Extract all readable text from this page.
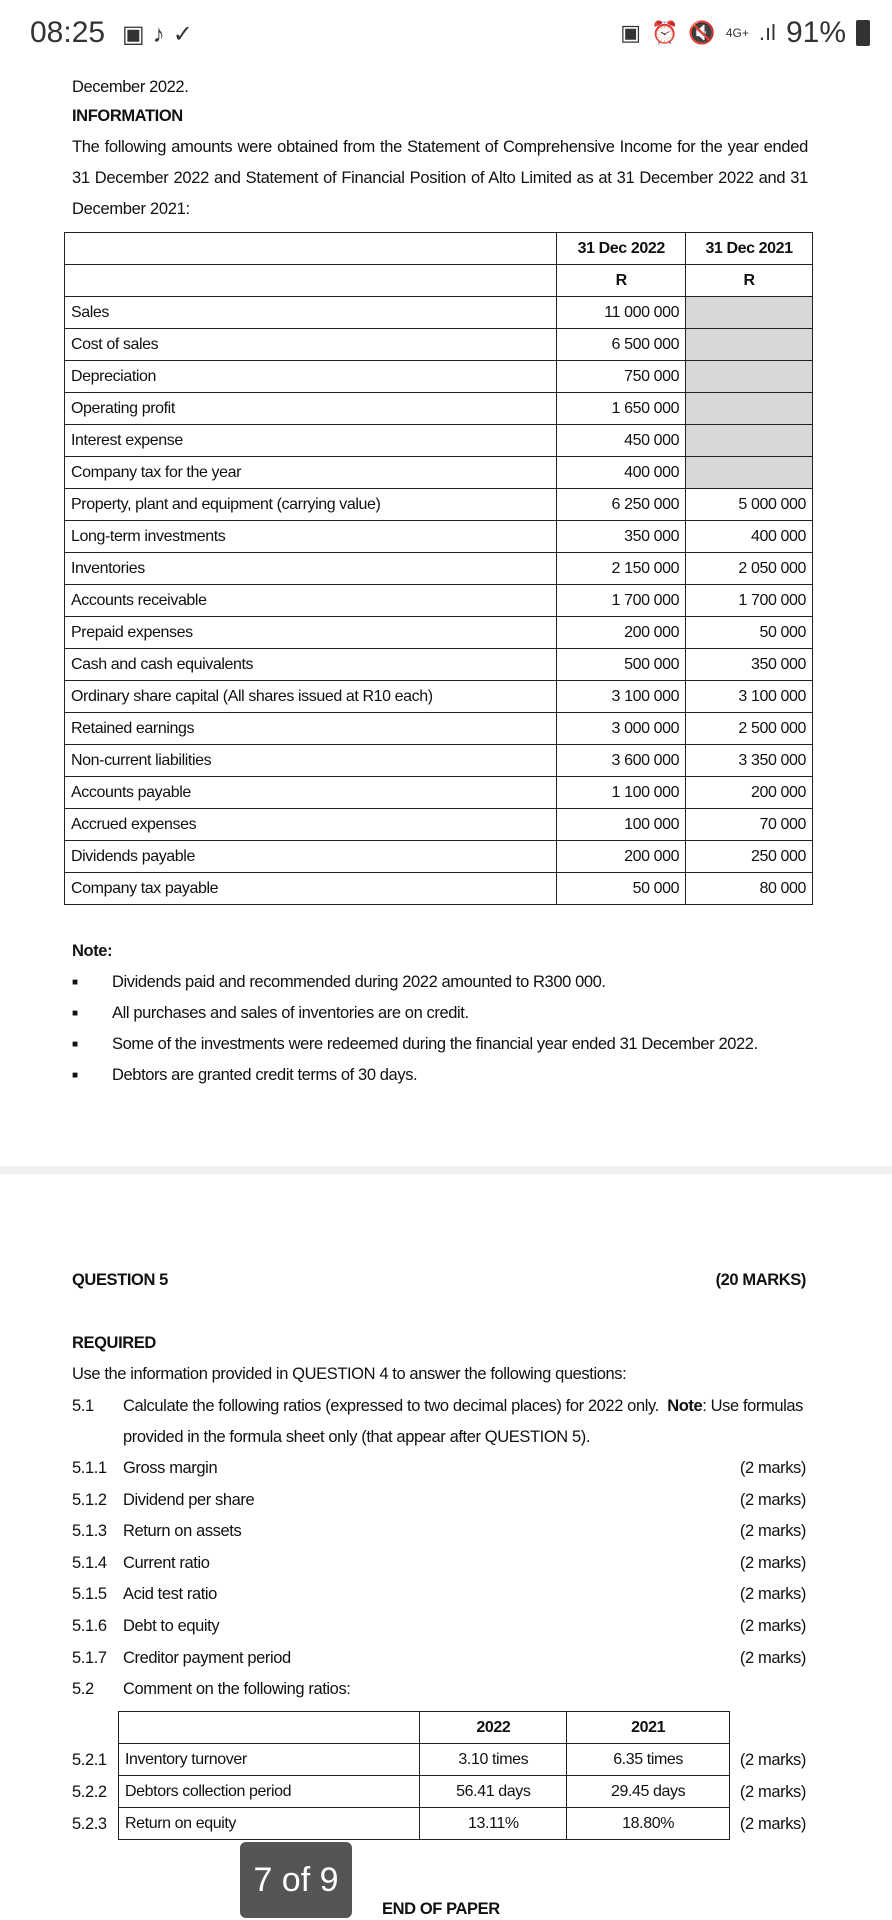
08:25 ▣♪✓	▣ ⏰ 🔇 4G+ .ıl 91%
December 2022.
INFORMATION
The following amounts were obtained from the Statement of Comprehensive Income for the year ended 31 December 2022 and Statement of Financial Position of Alto Limited as at 31 December 2022 and 31 December 2021:
	31 Dec 2022	31 Dec 2021
	R	R
Sales	11 000 000	
Cost of sales	6 500 000	
Depreciation	750 000	
Operating profit	1 650 000	
Interest expense	450 000	
Company tax for the year	400 000	
Property, plant and equipment (carrying value)	6 250 000	5 000 000
Long-term investments	350 000	400 000
Inventories	2 150 000	2 050 000
Accounts receivable	1 700 000	1 700 000
Prepaid expenses	200 000	50 000
Cash and cash equivalents	500 000	350 000
Ordinary share capital (All shares issued at R10 each)	3 100 000	3 100 000
Retained earnings	3 000 000	2 500 000
Non-current liabilities	3 600 000	3 350 000
Accounts payable	1 100 000	200 000
Accrued expenses	100 000	70 000
Dividends payable	200 000	250 000
Company tax payable	50 000	80 000
Note:
■ Dividends paid and recommended during 2022 amounted to R300 000.
■ All purchases and sales of inventories are on credit.
■ Some of the investments were redeemed during the financial year ended 31 December 2022.
■ Debtors are granted credit terms of 30 days.
QUESTION 5	(20 MARKS)
REQUIRED
Use the information provided in QUESTION 4 to answer the following questions:
5.1 Calculate the following ratios (expressed to two decimal places) for 2022 only. Note: Use formulas
provided in the formula sheet only (that appear after QUESTION 5).
5.1.1 Gross margin	(2 marks)
5.1.2 Dividend per share	(2 marks)
5.1.3 Return on assets	(2 marks)
5.1.4 Current ratio	(2 marks)
5.1.5 Acid test ratio	(2 marks)
5.1.6 Debt to equity	(2 marks)
5.1.7 Creditor payment period	(2 marks)
5.2 Comment on the following ratios:
	2022	2021
Inventory turnover	3.10 times	6.35 times
Debtors collection period	56.41 days	29.45 days
Return on equity	13.11%	18.80%
5.2.1	(2 marks)
5.2.2	(2 marks)
5.2.3	(2 marks)
END OF PAPER
7 of 9
